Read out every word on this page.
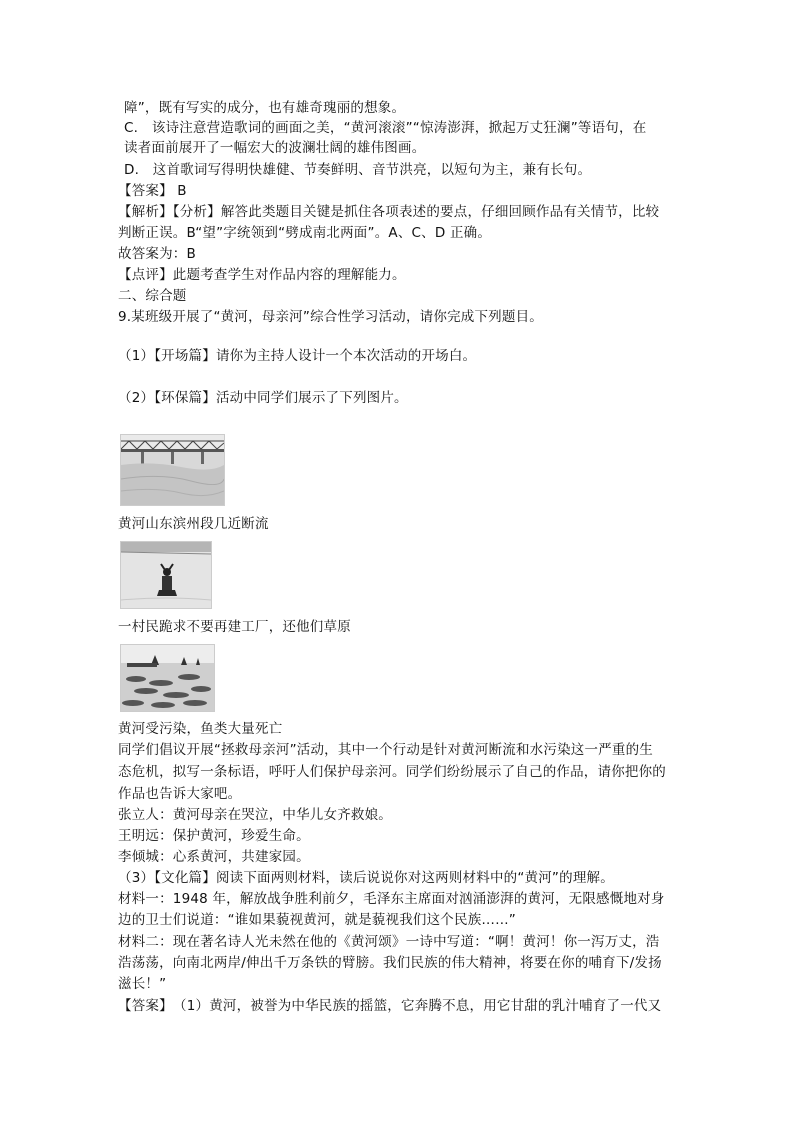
障”，既有写实的成分，也有雄奇瑰丽的想象。
C.　该诗注意营造歌词的画面之美，“黄河滚滚”“惊涛澎湃，掀起万丈狂澜”等语句，在
读者面前展开了一幅宏大的波澜壮阔的雄伟图画。
D.　这首歌词写得明快雄健、节奏鲜明、音节洪亮，以短句为主，兼有长句。
【答案】 B
【解析】【分析】解答此类题目关键是抓住各项表述的要点，仔细回顾作品有关情节，比较
判断正误。B“望”字统领到“劈成南北两面”。A、C、D 正确。
故答案为：B
【点评】此题考查学生对作品内容的理解能力。
二、综合题
9.某班级开展了“黄河，母亲河”综合性学习活动，请你完成下列题目。
（1）【开场篇】请你为主持人设计一个本次活动的开场白。
（2）【环保篇】活动中同学们展示了下列图片。
黄河山东滨州段几近断流
一村民跪求不要再建工厂，还他们草原
黄河受污染，鱼类大量死亡
同学们倡议开展“拯救母亲河”活动，其中一个行动是针对黄河断流和水污染这一严重的生
态危机，拟写一条标语，呼吁人们保护母亲河。同学们纷纷展示了自己的作品，请你把你的
作品也告诉大家吧。
张立人：黄河母亲在哭泣，中华儿女齐救娘。
王明远：保护黄河，珍爱生命。
李倾城：心系黄河，共建家园。
（3）【文化篇】阅读下面两则材料，读后说说你对这两则材料中的“黄河”的理解。
材料一：1948 年，解放战争胜利前夕，毛泽东主席面对汹涌澎湃的黄河，无限感慨地对身
边的卫士们说道：“谁如果藐视黄河，就是藐视我们这个民族……”
材料二：现在著名诗人光未然在他的《黄河颂》一诗中写道：“啊！黄河！你一泻万丈，浩
浩荡荡，向南北两岸/伸出千万条铁的臂膀。我们民族的伟大精神，将要在你的哺育下/发扬
滋长！”
【答案】　（1）黄河，被誉为中华民族的摇篮，它奔腾不息，用它甘甜的乳汁哺育了一代又
